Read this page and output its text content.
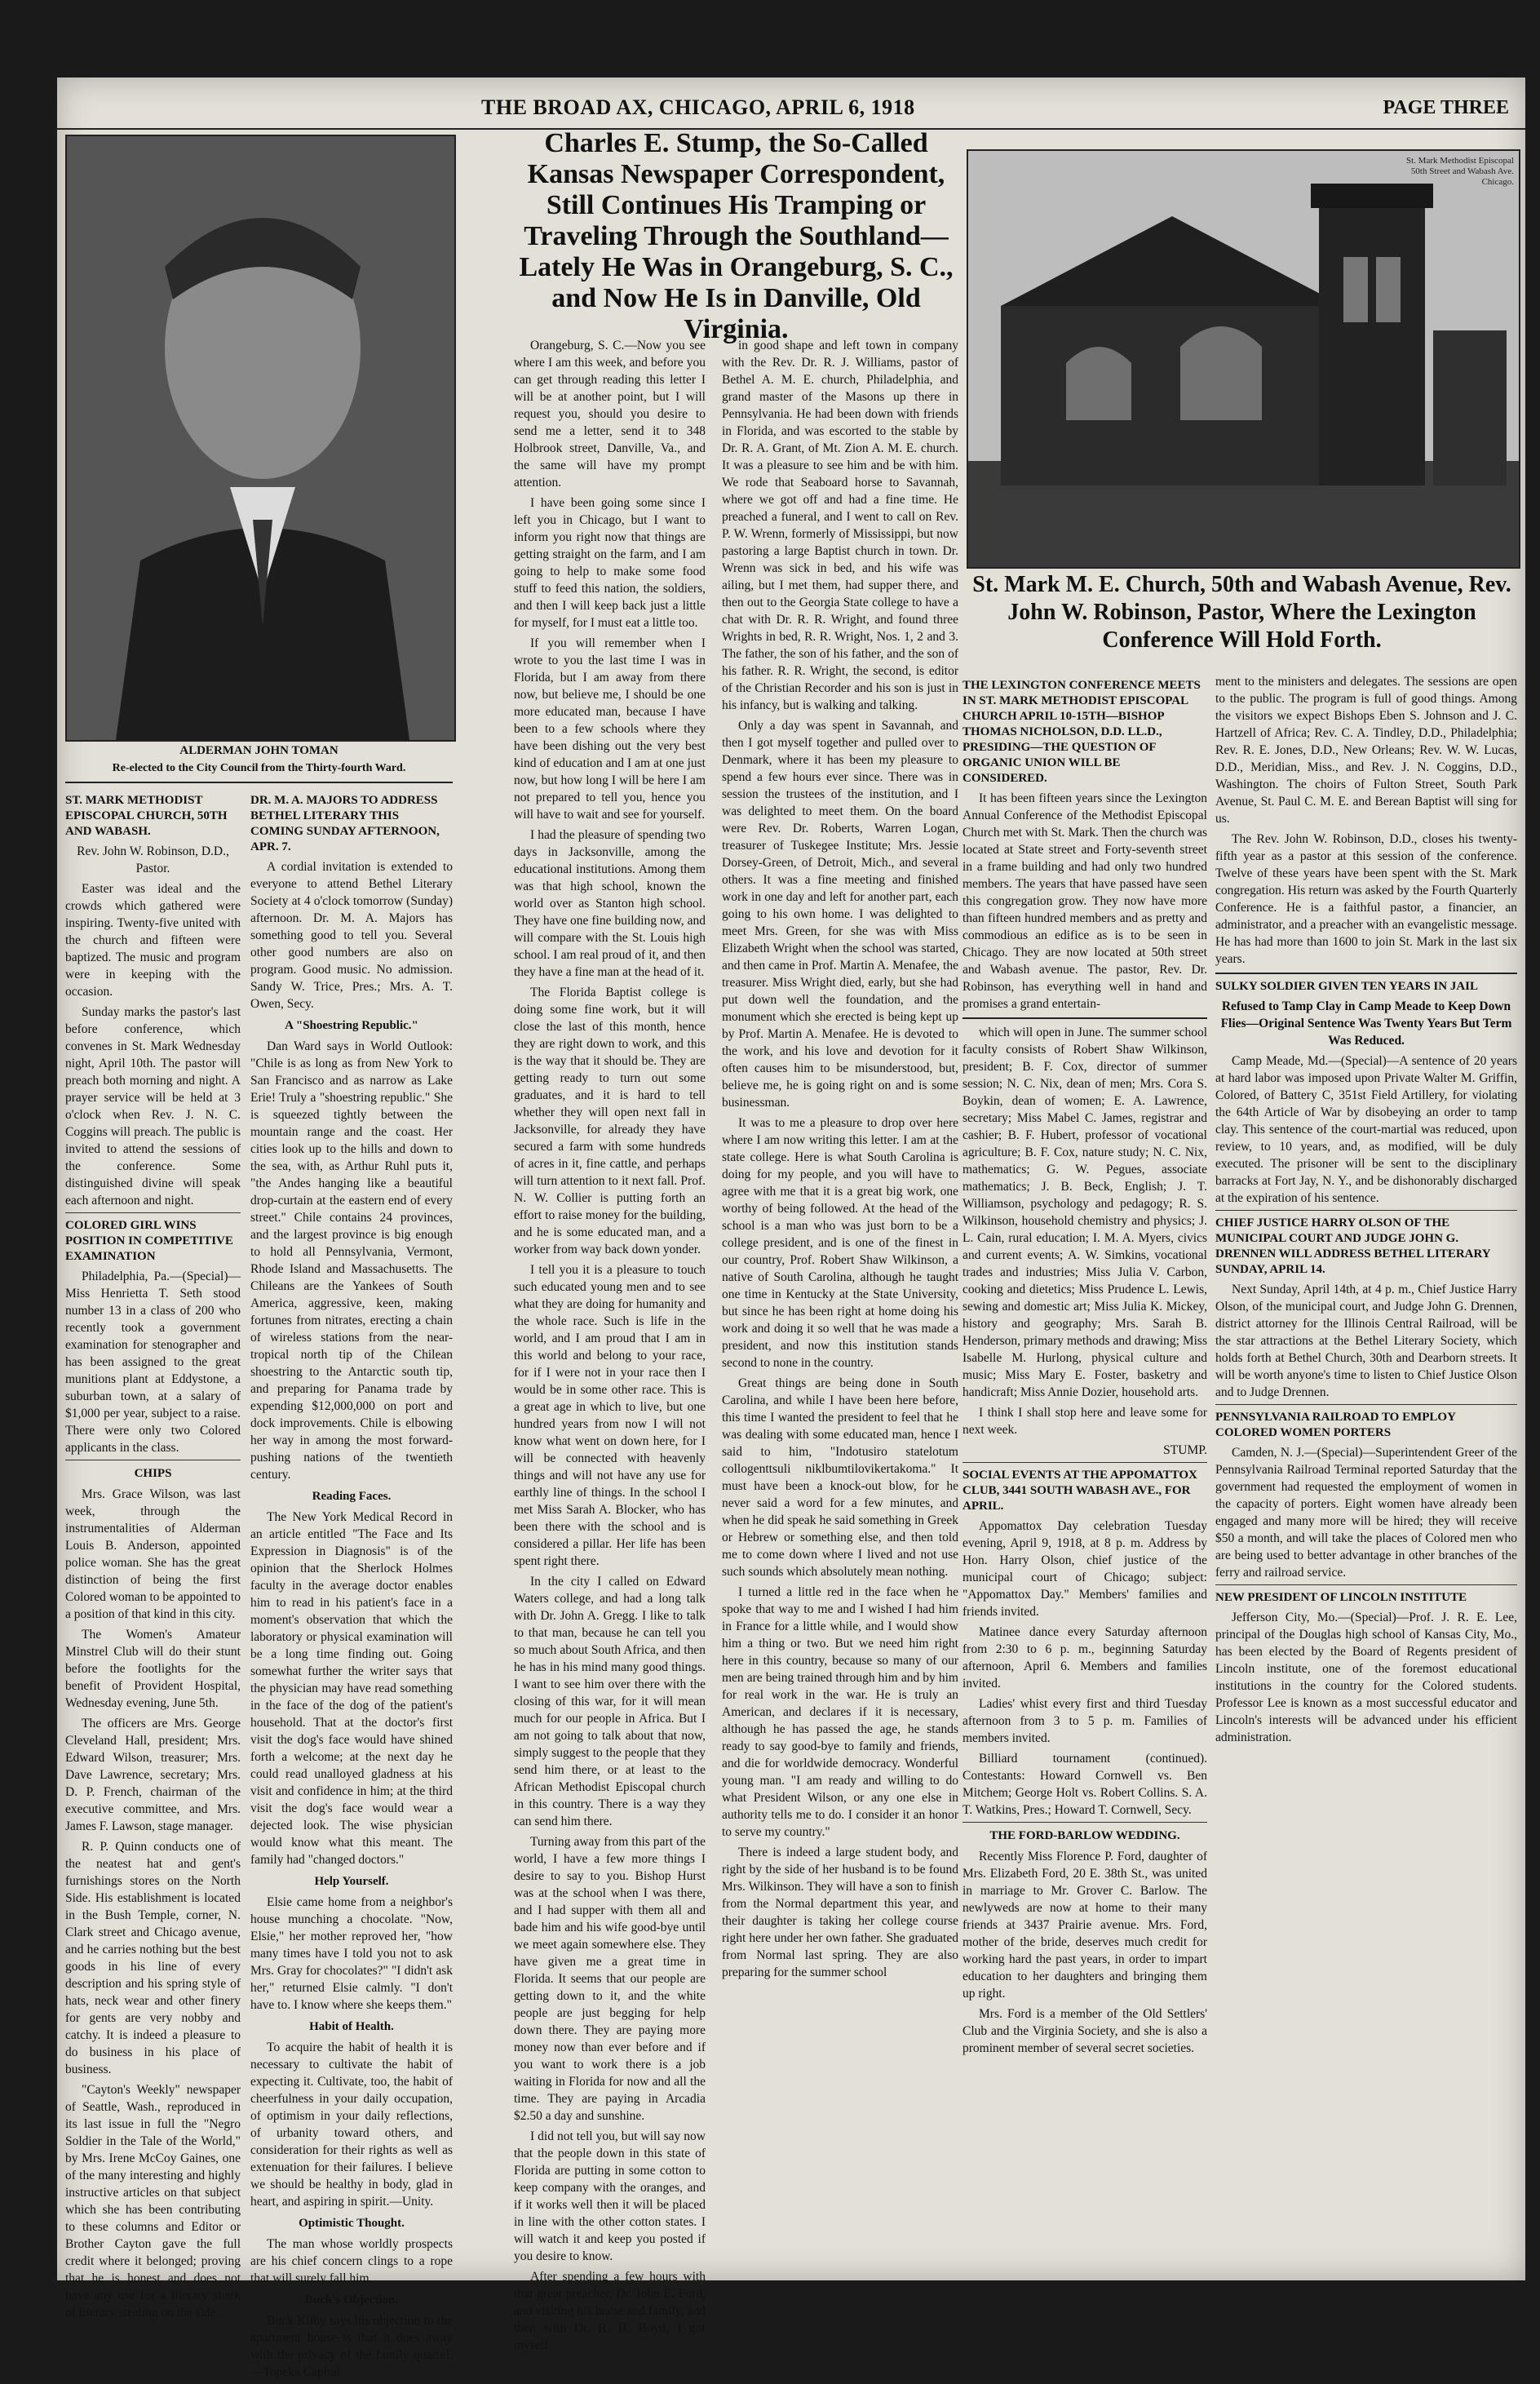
THE BROAD AX, CHICAGO, APRIL 6, 1918	PAGE THREE
ALDERMAN JOHN TOMAN
Re-elected to the City Council from the Thirty-fourth Ward.
ST. MARK METHODIST EPISCOPAL CHURCH, 50TH AND WABASH.

Rev. John W. Robinson, D.D., Pastor.

Easter was ideal and the crowds which gathered were inspiring. Twenty-five united with the church and fifteen were baptized. The music and program were in keeping with the occasion.

Sunday marks the pastor's last before conference, which convenes in St. Mark Wednesday night, April 10th. The pastor will preach both morning and night. A prayer service will be held at 3 o'clock when Rev. J. N. C. Coggins will preach. The public is invited to attend the sessions of the conference. Some distinguished divine will speak each afternoon and night.

COLORED GIRL WINS POSITION IN COMPETITIVE EXAMINATION

Philadelphia, Pa.—(Special)—Miss Henrietta T. Seth stood number 13 in a class of 200 who recently took a government examination for stenographer and has been assigned to the great munitions plant at Eddystone, a suburban town, at a salary of $1,000 per year, subject to a raise. There were only two Colored applicants in the class.

CHIPS

Mrs. Grace Wilson, was last week, through the instrumentalities of Alderman Louis B. Anderson, appointed police woman. She has the great distinction of being the first Colored woman to be appointed to a position of that kind in this city.

The Women's Amateur Minstrel Club will do their stunt before the footlights for the benefit of Provident Hospital, Wednesday evening, June 5th.

The officers are Mrs. George Cleveland Hall, president; Mrs. Edward Wilson, treasurer; Mrs. Dave Lawrence, secretary; Mrs. D. P. French, chairman of the executive committee, and Mrs. James F. Lawson, stage manager.

R. P. Quinn conducts one of the neatest hat and gent's furnishings stores on the North Side. His establishment is located in the Bush Temple, corner, N. Clark street and Chicago avenue, and he carries nothing but the best goods in his line of every description and his spring style of hats, neck wear and other finery for gents are very nobby and catchy. It is indeed a pleasure to do business in his place of business.

"Cayton's Weekly" newspaper of Seattle, Wash., reproduced in its last issue in full the "Negro Soldier in the Tale of the World," by Mrs. Irene McCoy Gaines, one of the many interesting and highly instructive articles on that subject which she has been contributing to these columns and Editor or Brother Cayton gave the full credit where it belonged; proving that he is honest and does not have any use for a literary shark of literary stealing on the side.

DR. M. A. MAJORS TO ADDRESS BETHEL LITERARY THIS COMING SUNDAY AFTERNOON, APR. 7.

A cordial invitation is extended to everyone to attend Bethel Literary Society at 4 o'clock tomorrow (Sunday) afternoon. Dr. M. A. Majors has something good to tell you. Several other good numbers are also on program. Good music. No admission. Sandy W. Trice, Pres.; Mrs. A. T. Owen, Secy.

A "Shoestring Republic."

Dan Ward says in World Outlook: "Chile is as long as from New York to San Francisco and as narrow as Lake Erie! Truly a "shoestring republic." She is squeezed tightly between the mountain range and the coast. Her cities look up to the hills and down to the sea, with, as Arthur Ruhl puts it, "the Andes hanging like a beautiful drop-curtain at the eastern end of every street." Chile contains 24 provinces, and the largest province is big enough to hold all Pennsylvania, Vermont, Rhode Island and Massachusetts. The Chileans are the Yankees of South America, aggressive, keen, making fortunes from nitrates, erecting a chain of wireless stations from the near-tropical north tip of the Chilean shoestring to the Antarctic south tip, and preparing for Panama trade by expending $12,000,000 on port and dock improvements. Chile is elbowing her way in among the most forward-pushing nations of the twentieth century.

Reading Faces.

The New York Medical Record in an article entitled "The Face and Its Expression in Diagnosis" is of the opinion that the Sherlock Holmes faculty in the average doctor enables him to read in his patient's face in a moment's observation that which the laboratory or physical examination will be a long time finding out. Going somewhat further the writer says that the physician may have read something in the face of the dog of the patient's household. That at the doctor's first visit the dog's face would have shined forth a welcome; at the next day he could read unalloyed gladness at his visit and confidence in him; at the third visit the dog's face would wear a dejected look. The wise physician would know what this meant. The family had "changed doctors."

Help Yourself.

Elsie came home from a neighbor's house munching a chocolate. "Now, Elsie," her mother reproved her, "how many times have I told you not to ask Mrs. Gray for chocolates?" "I didn't ask her," returned Elsie calmly. "I don't have to. I know where she keeps them."

Habit of Health.

To acquire the habit of health it is necessary to cultivate the habit of expecting it. Cultivate, too, the habit of cheerfulness in your daily occupation, of optimism in your daily reflections, of urbanity toward others, and consideration for their rights as well as extenuation for their failures. I believe we should be healthy in body, glad in heart, and aspiring in spirit.—Unity.

Optimistic Thought.

The man whose worldly prospects are his chief concern clings to a rope that will surely fall him.

Buck's Objection.

Buck Kilby says his objection to the apartment house is that it does away with the privacy of the family quarrel.—Topeka Capital

Charles E. Stump, the So-Called Kansas Newspaper Correspondent, Still Continues His Tramping or Traveling Through the Southland—Lately He Was in Orangeburg, S. C., and Now He Is in Danville, Old Virginia.

Orangeburg, S. C.—Now you see where I am this week, and before you can get through reading this letter I will be at another point, but I will request you, should you desire to send me a letter, send it to 348 Holbrook street, Danville, Va., and the same will have my prompt attention.

I have been going some since I left you in Chicago, but I want to inform you right now that things are getting straight on the farm, and I am going to help to make some food stuff to feed this nation, the soldiers, and then I will keep back just a little for myself, for I must eat a little too.

If you will remember when I wrote to you the last time I was in Florida, but I am away from there now, but believe me, I should be one more educated man, because I have been to a few schools where they have been dishing out the very best kind of education and I am at one just now, but how long I will be here I am not prepared to tell you, hence you will have to wait and see for yourself.

I had the pleasure of spending two days in Jacksonville, among the educational institutions. Among them was that high school, known the world over as Stanton high school. They have one fine building now, and will compare with the St. Louis high school. I am real proud of it, and then they have a fine man at the head of it.

The Florida Baptist college is doing some fine work, but it will close the last of this month, hence they are right down to work, and this is the way that it should be. They are getting ready to turn out some graduates, and it is hard to tell whether they will open next fall in Jacksonville, for already they have secured a farm with some hundreds of acres in it, fine cattle, and perhaps will turn attention to it next fall. Prof. N. W. Collier is putting forth an effort to raise money for the building, and he is some educated man, and a worker from way back down yonder.

I tell you it is a pleasure to touch such educated young men and to see what they are doing for humanity and the whole race. Such is life in the world, and I am proud that I am in this world and belong to your race, for if I were not in your race then I would be in some other race. This is a great age in which to live, but one hundred years from now I will not know what went on down here, for I will be connected with heavenly things and will not have any use for earthly line of things. In the school I met Miss Sarah A. Blocker, who has been there with the school and is considered a pillar. Her life has been spent right there.

In the city I called on Edward Waters college, and had a long talk with Dr. John A. Gregg. I like to talk to that man, because he can tell you so much about South Africa, and then he has in his mind many good things. I want to see him over there with the closing of this war, for it will mean much for our people in Africa. But I am not going to talk about that now, simply suggest to the people that they send him there, or at least to the African Methodist Episcopal church in this country. There is a way they can send him there.

Turning away from this part of the world, I have a few more things I desire to say to you. Bishop Hurst was at the school when I was there, and I had supper with them all and bade him and his wife good-bye until we meet again somewhere else. They have given me a great time in Florida. It seems that our people are getting down to it, and the white people are just begging for help down there. They are paying more money now than ever before and if you want to work there is a job waiting in Florida for now and all the time. They are paying in Arcadia $2.50 a day and sunshine.

I did not tell you, but will say now that the people down in this state of Florida are putting in some cotton to keep company with the oranges, and if it works well then it will be placed in line with the other cotton states. I will watch it and keep you posted if you desire to know.

After spending a few hours with that great preacher, Dr. John E. Ford, and visiting his home and family, and then with Dr. R. H. Boyd, I got myself

in good shape and left town in company with the Rev. Dr. R. J. Williams, pastor of Bethel A. M. E. church, Philadelphia, and grand master of the Masons up there in Pennsylvania. He had been down with friends in Florida, and was escorted to the stable by Dr. R. A. Grant, of Mt. Zion A. M. E. church. It was a pleasure to see him and be with him. We rode that Seaboard horse to Savannah, where we got off and had a fine time. He preached a funeral, and I went to call on Rev. P. W. Wrenn, formerly of Mississippi, but now pastoring a large Baptist church in town. Dr. Wrenn was sick in bed, and his wife was ailing, but I met them, had supper there, and then out to the Georgia State college to have a chat with Dr. R. R. Wright, and found three Wrights in bed, R. R. Wright, Nos. 1, 2 and 3. The father, the son of his father, and the son of his father. R. R. Wright, the second, is editor of the Christian Recorder and his son is just in his infancy, but is walking and talking.

Only a day was spent in Savannah, and then I got myself together and pulled over to Denmark, where it has been my pleasure to spend a few hours ever since. There was in session the trustees of the institution, and I was delighted to meet them. On the board were Rev. Dr. Roberts, Warren Logan, treasurer of Tuskegee Institute; Mrs. Jessie Dorsey-Green, of Detroit, Mich., and several others. It was a fine meeting and finished work in one day and left for another part, each going to his own home. I was delighted to meet Mrs. Green, for she was with Miss Elizabeth Wright when the school was started, and then came in Prof. Martin A. Menafee, the treasurer. Miss Wright died, early, but she had put down well the foundation, and the monument which she erected is being kept up by Prof. Martin A. Menafee. He is devoted to the work, and his love and devotion for it often causes him to be misunderstood, but, believe me, he is going right on and is some businessman.

It was to me a pleasure to drop over here where I am now writing this letter. I am at the state college. Here is what South Carolina is doing for my people, and you will have to agree with me that it is a great big work, one worthy of being followed. At the head of the school is a man who was just born to be a college president, and is one of the finest in our country, Prof. Robert Shaw Wilkinson, a native of South Carolina, although he taught one time in Kentucky at the State University, but since he has been right at home doing his work and doing it so well that he was made a president, and now this institution stands second to none in the country.

Great things are being done in South Carolina, and while I have been here before, this time I wanted the president to feel that he was dealing with some educated man, hence I said to him, "Indotusiro statelotum collogenttsuli niklbumtilovikertakoma." It must have been a knock-out blow, for he never said a word for a few minutes, and when he did speak he said something in Greek or Hebrew or something else, and then told me to come down where I lived and not use such sounds which absolutely mean nothing.

I turned a little red in the face when he spoke that way to me and I wished I had him in France for a little while, and I would show him a thing or two. But we need him right here in this country, because so many of our men are being trained through him and by him for real work in the war. He is truly an American, and declares if it is necessary, although he has passed the age, he stands ready to say good-bye to family and friends, and die for worldwide democracy. Wonderful young man. "I am ready and willing to do what President Wilson, or any one else in authority tells me to do. I consider it an honor to serve my country."

There is indeed a large student body, and right by the side of her husband is to be found Mrs. Wilkinson. They will have a son to finish from the Normal department this year, and their daughter is taking her college course right here under her own father. She graduated from Normal last spring. They are also preparing for the summer school

St. Mark Methodist Episcopal
50th Street and Wabash Ave.
Chicago.
St. Mark M. E. Church, 50th and Wabash Avenue, Rev. John W. Robinson, Pastor, Where the Lexington Conference Will Hold Forth.
THE LEXINGTON CONFERENCE MEETS IN ST. MARK METHODIST EPISCOPAL CHURCH APRIL 10-15TH—BISHOP THOMAS NICHOLSON, D.D. LL.D., PRESIDING—THE QUESTION OF ORGANIC UNION WILL BE CONSIDERED.

It has been fifteen years since the Lexington Annual Conference of the Methodist Episcopal Church met with St. Mark. Then the church was located at State street and Forty-seventh street in a frame building and had only two hundred members. The years that have passed have seen this congregation grow. They now have more than fifteen hundred members and as pretty and commodious an edifice as is to be seen in Chicago. They are now located at 50th street and Wabash avenue. The pastor, Rev. Dr. Robinson, has everything well in hand and promises a grand entertain-

which will open in June. The summer school faculty consists of Robert Shaw Wilkinson, president; B. F. Cox, director of summer session; N. C. Nix, dean of men; Mrs. Cora S. Boykin, dean of women; E. A. Lawrence, secretary; Miss Mabel C. James, registrar and cashier; B. F. Hubert, professor of vocational agriculture; B. F. Cox, nature study; N. C. Nix, mathematics; G. W. Pegues, associate mathematics; J. B. Beck, English; J. T. Williamson, psychology and pedagogy; R. S. Wilkinson, household chemistry and physics; J. L. Cain, rural education; I. M. A. Myers, civics and current events; A. W. Simkins, vocational trades and industries; Miss Julia V. Carbon, cooking and dietetics; Miss Prudence L. Lewis, sewing and domestic art; Miss Julia K. Mickey, history and geography; Mrs. Sarah B. Henderson, primary methods and drawing; Miss Isabelle M. Hurlong, physical culture and music; Miss Mary E. Foster, basketry and handicraft; Miss Annie Dozier, household arts.

I think I shall stop here and leave some for next week.

STUMP.

SOCIAL EVENTS AT THE APPOMATTOX CLUB, 3441 SOUTH WABASH AVE., FOR APRIL.

Appomattox Day celebration Tuesday evening, April 9, 1918, at 8 p. m. Address by Hon. Harry Olson, chief justice of the municipal court of Chicago; subject: "Appomattox Day." Members' families and friends invited.

Matinee dance every Saturday afternoon from 2:30 to 6 p. m., beginning Saturday afternoon, April 6. Members and families invited.

Ladies' whist every first and third Tuesday afternoon from 3 to 5 p. m. Families of members invited.

Billiard tournament (continued). Contestants: Howard Cornwell vs. Ben Mitchem; George Holt vs. Robert Collins. S. A. T. Watkins, Pres.; Howard T. Cornwell, Secy.

THE FORD-BARLOW WEDDING.

Recently Miss Florence P. Ford, daughter of Mrs. Elizabeth Ford, 20 E. 38th St., was united in marriage to Mr. Grover C. Barlow. The newlyweds are now at home to their many friends at 3437 Prairie avenue. Mrs. Ford, mother of the bride, deserves much credit for working hard the past years, in order to impart education to her daughters and bringing them up right.

Mrs. Ford is a member of the Old Settlers' Club and the Virginia Society, and she is also a prominent member of several secret societies.

ment to the ministers and delegates. The sessions are open to the public. The program is full of good things. Among the visitors we expect Bishops Eben S. Johnson and J. C. Hartzell of Africa; Rev. C. A. Tindley, D.D., Philadelphia; Rev. R. E. Jones, D.D., New Orleans; Rev. W. W. Lucas, D.D., Meridian, Miss., and Rev. J. N. Coggins, D.D., Washington. The choirs of Fulton Street, South Park Avenue, St. Paul C. M. E. and Berean Baptist will sing for us.

The Rev. John W. Robinson, D.D., closes his twenty-fifth year as a pastor at this session of the conference. Twelve of these years have been spent with the St. Mark congregation. His return was asked by the Fourth Quarterly Conference. He is a faithful pastor, a financier, an administrator, and a preacher with an evangelistic message. He has had more than 1600 to join St. Mark in the last six years.

SULKY SOLDIER GIVEN TEN YEARS IN JAIL

Refused to Tamp Clay in Camp Meade to Keep Down Flies—Original Sentence Was Twenty Years But Term Was Reduced.

Camp Meade, Md.—(Special)—A sentence of 20 years at hard labor was imposed upon Private Walter M. Griffin, Colored, of Battery C, 351st Field Artillery, for violating the 64th Article of War by disobeying an order to tamp clay. This sentence of the court-martial was reduced, upon review, to 10 years, and, as modified, will be duly executed. The prisoner will be sent to the disciplinary barracks at Fort Jay, N. Y., and be dishonorably discharged at the expiration of his sentence.

CHIEF JUSTICE HARRY OLSON OF THE MUNICIPAL COURT AND JUDGE JOHN G. DRENNEN WILL ADDRESS BETHEL LITERARY SUNDAY, APRIL 14.

Next Sunday, April 14th, at 4 p. m., Chief Justice Harry Olson, of the municipal court, and Judge John G. Drennen, district attorney for the Illinois Central Railroad, will be the star attractions at the Bethel Literary Society, which holds forth at Bethel Church, 30th and Dearborn streets. It will be worth anyone's time to listen to Chief Justice Olson and to Judge Drennen.

PENNSYLVANIA RAILROAD TO EMPLOY COLORED WOMEN PORTERS

Camden, N. J.—(Special)—Superintendent Greer of the Pennsylvania Railroad Terminal reported Saturday that the government had requested the employment of women in the capacity of porters. Eight women have already been engaged and many more will be hired; they will receive $50 a month, and will take the places of Colored men who are being used to better advantage in other branches of the ferry and railroad service.

NEW PRESIDENT OF LINCOLN INSTITUTE

Jefferson City, Mo.—(Special)—Prof. J. R. E. Lee, principal of the Douglas high school of Kansas City, Mo., has been elected by the Board of Regents president of Lincoln institute, one of the foremost educational institutions in the country for the Colored students. Professor Lee is known as a most successful educator and Lincoln's interests will be advanced under his efficient administration.
